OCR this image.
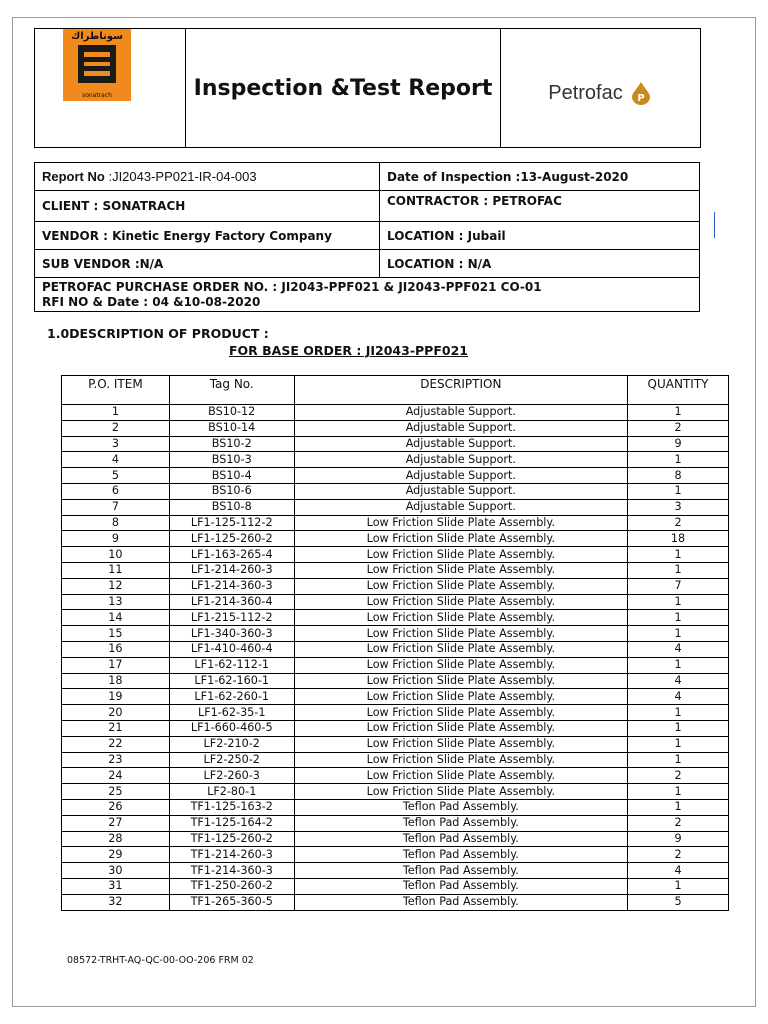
سوناطراك
sonatrach	Inspection &Test Report	Petrofac P
Report No :JI2043-PP021-IR-04-003	Date of Inspection :13-August-2020
CLIENT : SONATRACH	CONTRACTOR : PETROFAC
VENDOR : Kinetic Energy Factory Company	LOCATION : Jubail
SUB VENDOR :N/A	LOCATION : N/A

PETROFAC PURCHASE ORDER NO. : JI2043-PPF021 & JI2043-PPF021 CO-01
RFI NO & Date : 04 &10-08-2020	
1.0DESCRIPTION OF PRODUCT :
FOR BASE ORDER : JI2043-PPF021
P.O. ITEM	Tag No.	DESCRIPTION	QUANTITY
1	BS10-12	Adjustable Support.	1
2	BS10-14	Adjustable Support.	2
3	BS10-2	Adjustable Support.	9
4	BS10-3	Adjustable Support.	1
5	BS10-4	Adjustable Support.	8
6	BS10-6	Adjustable Support.	1
7	BS10-8	Adjustable Support.	3
8	LF1-125-112-2	Low Friction Slide Plate Assembly.	2
9	LF1-125-260-2	Low Friction Slide Plate Assembly.	18
10	LF1-163-265-4	Low Friction Slide Plate Assembly.	1
11	LF1-214-260-3	Low Friction Slide Plate Assembly.	1
12	LF1-214-360-3	Low Friction Slide Plate Assembly.	7
13	LF1-214-360-4	Low Friction Slide Plate Assembly.	1
14	LF1-215-112-2	Low Friction Slide Plate Assembly.	1
15	LF1-340-360-3	Low Friction Slide Plate Assembly.	1
16	LF1-410-460-4	Low Friction Slide Plate Assembly.	4
17	LF1-62-112-1	Low Friction Slide Plate Assembly.	1
18	LF1-62-160-1	Low Friction Slide Plate Assembly.	4
19	LF1-62-260-1	Low Friction Slide Plate Assembly.	4
20	LF1-62-35-1	Low Friction Slide Plate Assembly.	1
21	LF1-660-460-5	Low Friction Slide Plate Assembly.	1
22	LF2-210-2	Low Friction Slide Plate Assembly.	1
23	LF2-250-2	Low Friction Slide Plate Assembly.	1
24	LF2-260-3	Low Friction Slide Plate Assembly.	2
25	LF2-80-1	Low Friction Slide Plate Assembly.	1
26	TF1-125-163-2	Teflon Pad Assembly.	1
27	TF1-125-164-2	Teflon Pad Assembly.	2
28	TF1-125-260-2	Teflon Pad Assembly.	9
29	TF1-214-260-3	Teflon Pad Assembly.	2
30	TF1-214-360-3	Teflon Pad Assembly.	4
31	TF1-250-260-2	Teflon Pad Assembly.	1
32	TF1-265-360-5	Teflon Pad Assembly.	5
08572-TRHT-AQ-QC-00-OO-206 FRM 02
